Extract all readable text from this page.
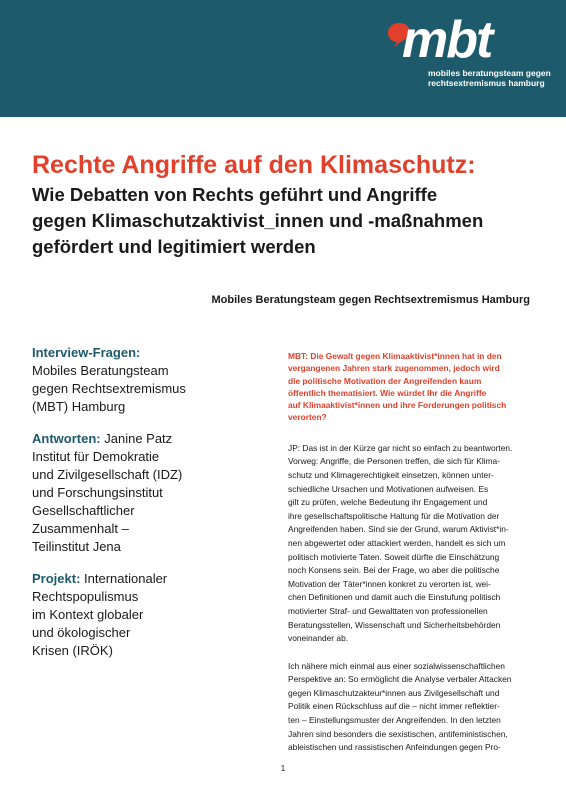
mbt
mobiles beratungsteam gegen
rechtsextremismus hamburg
Rechte Angriffe auf den Klimaschutz:
Wie Debatten von Rechts geführt und Angriffe
gegen Klimaschutzaktivist_innen und -maßnahmen
gefördert und legitimiert werden
Mobiles Beratungsteam gegen Rechtsextremismus Hamburg
Interview-Fragen:
Mobiles Beratungsteam
gegen Rechtsextremismus
(MBT) Hamburg
Antworten: Janine Patz
Institut für Demokratie
und Zivilgesellschaft (IDZ)
und Forschungsinstitut
Gesellschaftlicher
Zusammenhalt –
Teilinstitut Jena
Projekt: Internationaler
Rechtspopulismus
im Kontext globaler
und ökologischer
Krisen (IRÖK)
MBT: Die Gewalt gegen Klimaaktivist*innen hat in den
vergangenen Jahren stark zugenommen, jedoch wird
die politische Motivation der Angreifenden kaum
öffentlich thematisiert. Wie würdet Ihr die Angriffe
auf Klimaaktivist*innen und ihre Forderungen politisch
verorten?
JP: Das ist in der Kürze gar nicht so einfach zu beantworten.
Vorweg: Angriffe, die Personen treffen, die sich für Klima-
schutz und Klimagerechtigkeit einsetzen, können unter-
schiedliche Ursachen und Motivationen aufweisen. Es
gilt zu prüfen, welche Bedeutung ihr Engagement und
ihre gesellschaftspolitische Haltung für die Motivation der
Angreifenden haben. Sind sie der Grund, warum Aktivist*in-
nen abgewertet oder attackiert werden, handelt es sich um
politisch motivierte Taten. Soweit dürfte die Einschätzung
noch Konsens sein. Bei der Frage, wo aber die politische
Motivation der Täter*innen konkret zu verorten ist, wei-
chen Definitionen und damit auch die Einstufung politisch
motivierter Straf- und Gewalttaten von professionellen
Beratungsstellen, Wissenschaft und Sicherheitsbehörden
voneinander ab.
Ich nähere mich einmal aus einer sozialwissenschaftlichen
Perspektive an: So ermöglicht die Analyse verbaler Attacken
gegen Klimaschutzakteur*innen aus Zivilgesellschaft und
Politik einen Rückschluss auf die – nicht immer reflektier-
ten – Einstellungsmuster der Angreifenden. In den letzten
Jahren sind besonders die sexistischen, antifeministischen,
ableistischen und rassistischen Anfeindungen gegen Pro-
1
